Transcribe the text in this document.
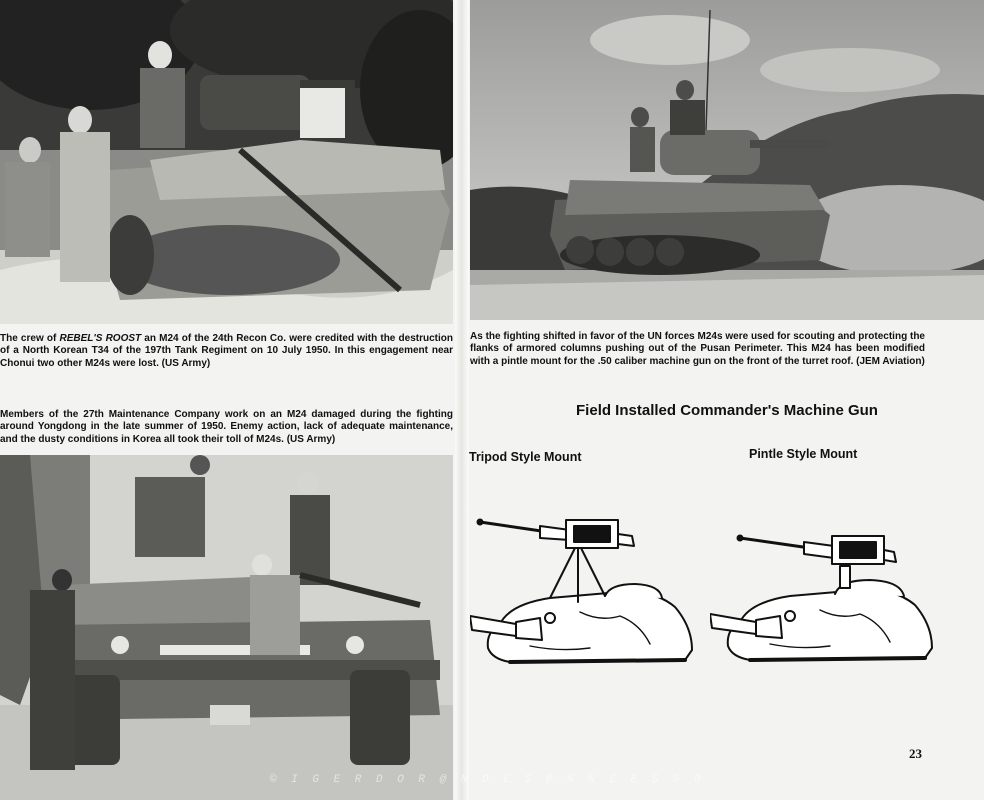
The crew of REBEL'S ROOST an M24 of the 24th Recon Co. were credited with the destruction of a North Korean T34 of the 197th Tank Regiment on 10 July 1950. In this engagement near Chonui two other M24s were lost. (US Army)

Members of the 27th Maintenance Company work on an M24 damaged during the fighting around Yongdong in the late summer of 1950. Enemy action, lack of adequate maintenance, and the dusty conditions in Korea all took their toll of M24s. (US Army)

As the fighting shifted in favor of the UN forces M24s were used for scouting and protecting the flanks of armored columns pushing out of the Pusan Perimeter. This M24 has been modified with a pintle mount for the .50 caliber machine gun on the front of the turret roof. (JEM Aviation)

Field Installed Commander's Machine Gun
Tripod Style Mount	Pintle Style Mount
23
© I G E R D O R @ N D E S @ N N E E S 5 0
